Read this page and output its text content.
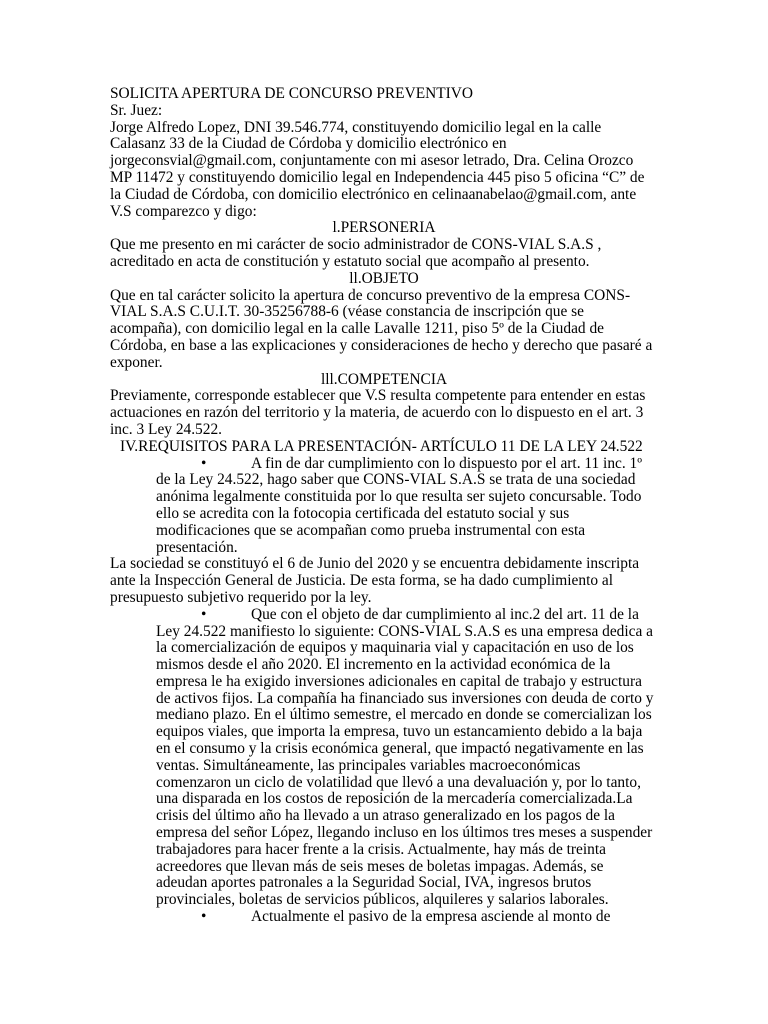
SOLICITA APERTURA DE CONCURSO PREVENTIVO

Sr. Juez:

Jorge Alfredo Lopez, DNI 39.546.774, constituyendo domicilio legal en la calle Calasanz 33 de la Ciudad de Córdoba y domicilio electrónico en jorgeconsvial@gmail.com, conjuntamente con mi asesor letrado, Dra. Celina Orozco MP 11472 y constituyendo domicilio legal en Independencia 445 piso 5 oficina “C” de la Ciudad de Córdoba, con domicilio electrónico en celinaanabelao@gmail.com, ante V.S comparezco y digo:

l.PERSONERIA

Que me presento en mi carácter de socio administrador de CONS-VIAL S.A.S , acreditado en acta de constitución y estatuto social que acompaño al presento.

ll.OBJETO

Que en tal carácter solicito la apertura de concurso preventivo de la empresa CONS-VIAL S.A.S C.U.I.T. 30-35256788-6 (véase constancia de inscripción que se acompaña), con domicilio legal en la calle Lavalle 1211, piso 5º de la Ciudad de Córdoba, en base a las explicaciones y consideraciones de hecho y derecho que pasaré a exponer.

lll.COMPETENCIA

Previamente, corresponde establecer que V.S resulta competente para entender en estas actuaciones en razón del territorio y la materia, de acuerdo con lo dispuesto en el art. 3 inc. 3 Ley 24.522.

IV.REQUISITOS PARA LA PRESENTACIÓN- ARTÍCULO 11 DE LA LEY 24.522

•	A fin de dar cumplimiento con lo dispuesto por el art. 11 inc. 1º de la Ley 24.522, hago saber que CONS-VIAL S.A.S se trata de una sociedad anónima legalmente constituida por lo que resulta ser sujeto concursable. Todo ello se acredita con la fotocopia certificada del estatuto social y sus modificaciones que se acompañan como prueba instrumental con esta presentación.

La sociedad se constituyó el 6 de Junio del 2020 y se encuentra debidamente inscripta ante la Inspección General de Justicia. De esta forma, se ha dado cumplimiento al presupuesto subjetivo requerido por la ley.

•	Que con el objeto de dar cumplimiento al inc.2 del art. 11 de la Ley 24.522 manifiesto lo siguiente: CONS-VIAL S.A.S es una empresa dedica a la comercialización de equipos y maquinaria vial y capacitación en uso de los mismos desde el año 2020. El incremento en la actividad económica de la empresa le ha exigido inversiones adicionales en capital de trabajo y estructura de activos fijos. La compañía ha financiado sus inversiones con deuda de corto y mediano plazo. En el último semestre, el mercado en donde se comercializan los equipos viales, que importa la empresa, tuvo un estancamiento debido a la baja en el consumo y la crisis económica general, que impactó negativamente en las ventas. Simultáneamente, las principales variables macroeconómicas comenzaron un ciclo de volatilidad que llevó a una devaluación y, por lo tanto, una disparada en los costos de reposición de la mercadería comercializada.La crisis del último año ha llevado a un atraso generalizado en los pagos de la empresa del señor López, llegando incluso en los últimos tres meses a suspender trabajadores para hacer frente a la crisis. Actualmente, hay más de treinta acreedores que llevan más de seis meses de boletas impagas. Además, se adeudan aportes patronales a la Seguridad Social, IVA, ingresos brutos provinciales, boletas de servicios públicos, alquileres y salarios laborales.

•	Actualmente el pasivo de la empresa asciende al monto de
